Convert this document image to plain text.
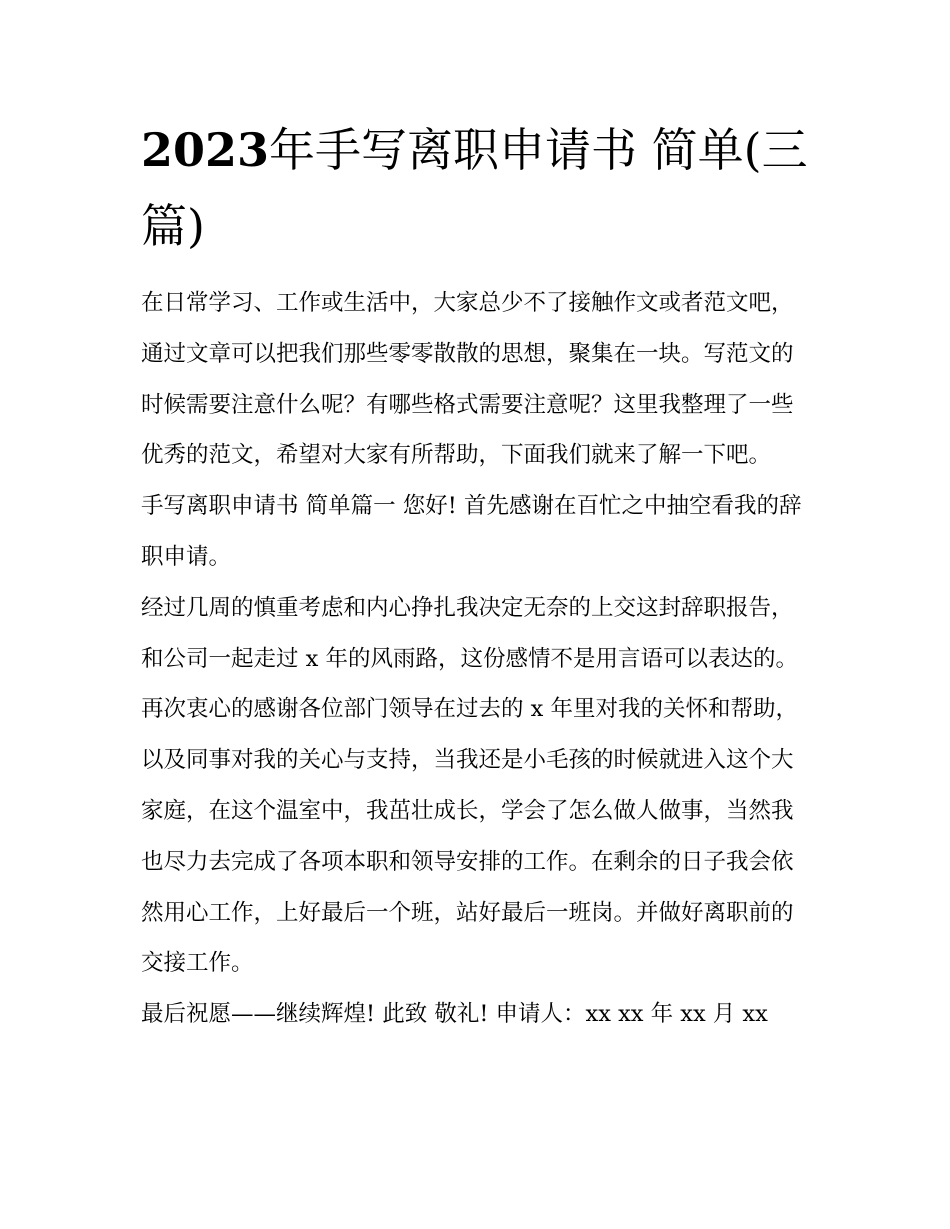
2023年手写离职申请书 简单(三篇)

在日常学习、工作或生活中，大家总少不了接触作文或者范文吧，通过文章可以把我们那些零零散散的思想，聚集在一块。写范文的时候需要注意什么呢？有哪些格式需要注意呢？这里我整理了一些优秀的范文，希望对大家有所帮助，下面我们就来了解一下吧。

手写离职申请书 简单篇一 您好! 首先感谢在百忙之中抽空看我的辞职申请。

经过几周的慎重考虑和内心挣扎我决定无奈的上交这封辞职报告，和公司一起走过 x 年的风雨路，这份感情不是用言语可以表达的。再次衷心的感谢各位部门领导在过去的 x 年里对我的关怀和帮助，以及同事对我的关心与支持，当我还是小毛孩的时候就进入这个大家庭，在这个温室中，我茁壮成长，学会了怎么做人做事，当然我也尽力去完成了各项本职和领导安排的工作。在剩余的日子我会依然用心工作，上好最后一个班，站好最后一班岗。并做好离职前的交接工作。

最后祝愿——继续辉煌! 此致 敬礼! 申请人：xx xx 年 xx 月 xx
